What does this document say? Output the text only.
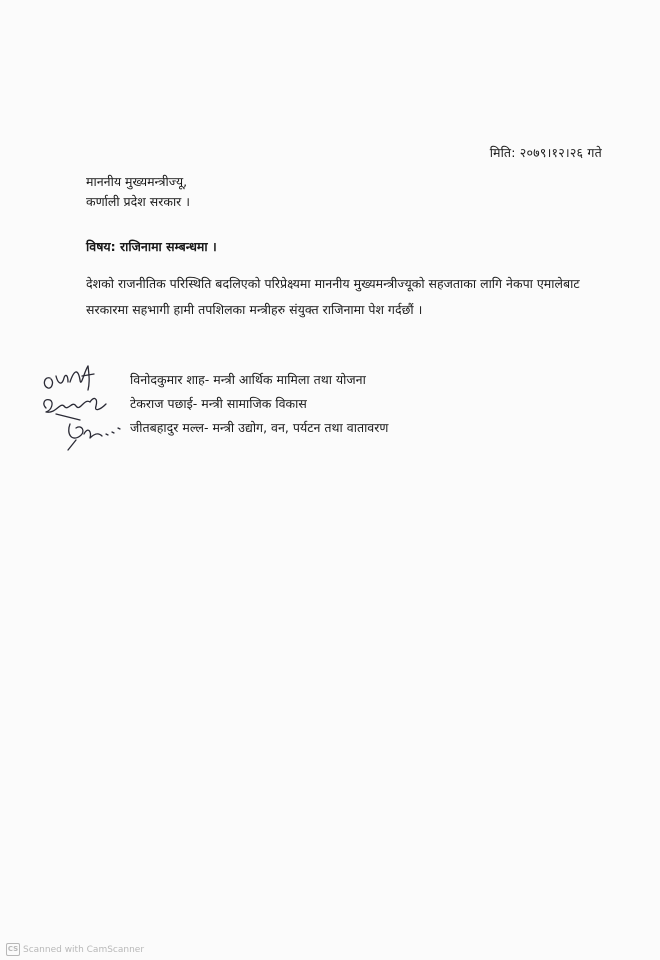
मिति: २०७९।१२।२६ गते
माननीय मुख्यमन्त्रीज्यू,
कर्णाली प्रदेश सरकार ।
विषय: राजिनामा सम्बन्धमा ।
देशको राजनीतिक परिस्थिति बदलिएको परिप्रेक्ष्यमा माननीय मुख्यमन्त्रीज्यूको सहजताका लागि नेकपा एमालेबाट सरकारमा सहभागी हामी तपशिलका मन्त्रीहरु संयुक्त राजिनामा पेश गर्दछौं ।
विनोदकुमार शाह- मन्त्री आर्थिक मामिला तथा योजना
टेकराज पछाई- मन्त्री सामाजिक विकास
जीतबहादुर मल्ल- मन्त्री उद्योग, वन, पर्यटन तथा वातावरण
CS Scanned with CamScanner
